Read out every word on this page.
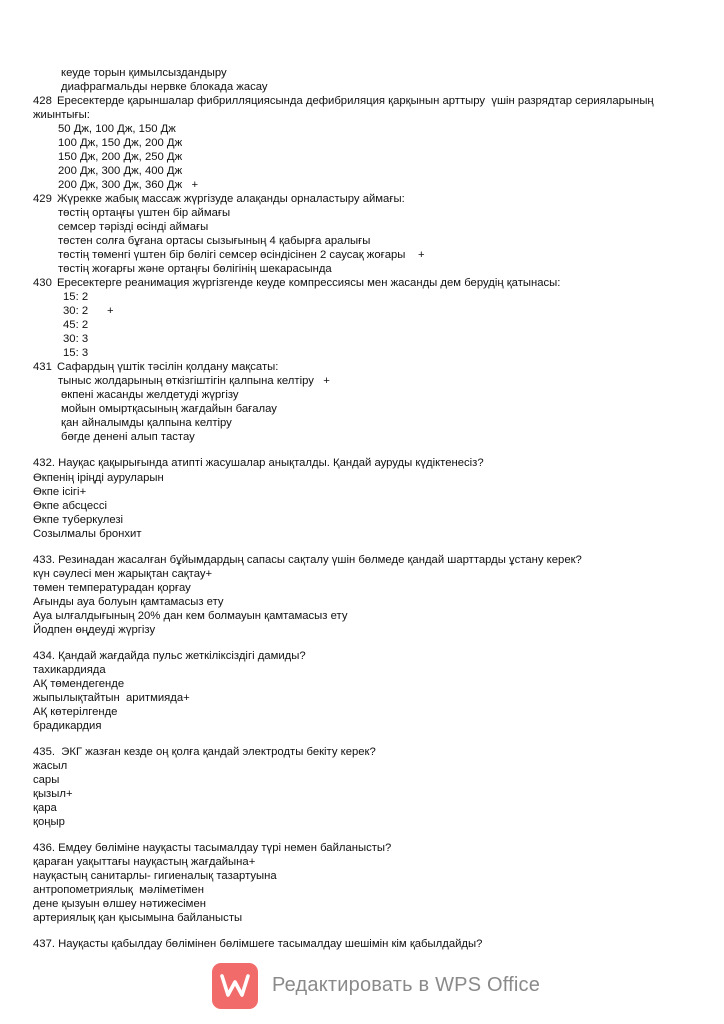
кеуде торын қимылсыздандыру
диафрагмальды нервке блокада жасау
428 Ересектерде қарыншалар фибрилляциясында дефибриляция қарқынын арттыру  үшін разрядтар серияларының
жиынтығы:
50 Дж, 100 Дж, 150 Дж
100 Дж, 150 Дж, 200 Дж
150 Дж, 200 Дж, 250 Дж
200 Дж, 300 Дж, 400 Дж
200 Дж, 300 Дж, 360 Дж   +
429 Жүрекке жабық массаж жүргізуде алақанды орналастыру аймағы:
төстің ортаңғы үштен бір аймағы
семсер тәрізді өсінді аймағы
төстен солға бұғана ортасы сызығының 4 қабырға аралығы
төстің төменгі үштен бір бөлігі семсер өсіндісінен 2 саусақ жоғары    +
төстің жоғарғы және ортаңғы бөлігінің шекарасында
430 Ересектерге реанимация жүргізгенде кеуде компрессиясы мен жасанды дем берудің қатынасы:
15: 2
30: 2      +
45: 2
30: 3
15: 3
431 Сафардың үштік тәсілін қолдану мақсаты:
тыныс жолдарының өткізгіштігін қалпына келтіру   +
өкпені жасанды желдетуді жүргізу
мойын омыртқасының жағдайын бағалау
қан айналымды қалпына келтіру
бөгде денені алып тастау
432. Науқас қақырығында атипті жасушалар анықталды. Қандай ауруды күдіктенесіз?
Өкпенің іріңді ауруларын
Өкпе ісігі+
Өкпе абсцессі
Өкпе туберкулезі
Созылмалы бронхит
433. Резинадан жасалған бұйымдардың сапасы сақталу үшін бөлмеде қандай шарттарды ұстану керек?
күн сәулесі мен жарықтан сақтау+
төмен температурадан қорғау
Ағынды ауа болуын қамтамасыз ету
Ауа ылғалдығының 20% дан кем болмауын қамтамасыз ету
Йодпен өңдеуді жүргізу
434. Қандай жағдайда пульс жеткіліксіздігі дамиды?
тахикардияда
АҚ төмендегенде
жыпылықтайтын  аритмияда+
АҚ көтерілгенде
брадикардия
435.  ЭКГ жазған кезде оң қолға қандай электродты бекіту керек?
жасыл
сары
қызыл+
қара
қоңыр
436. Емдеу бөліміне науқасты тасымалдау түрі немен байланысты?
қараған уақыттағы науқастың жағдайына+
науқастың санитарлы- гигиеналық тазартуына
антропометриялық  мәліметімен
дене қызуын өлшеу нәтижесімен
артериялық қан қысымына байланысты
437. Науқасты қабылдау бөлімінен бөлімшеге тасымалдау шешімін кім қабылдайды?
Редактировать в WPS Office
